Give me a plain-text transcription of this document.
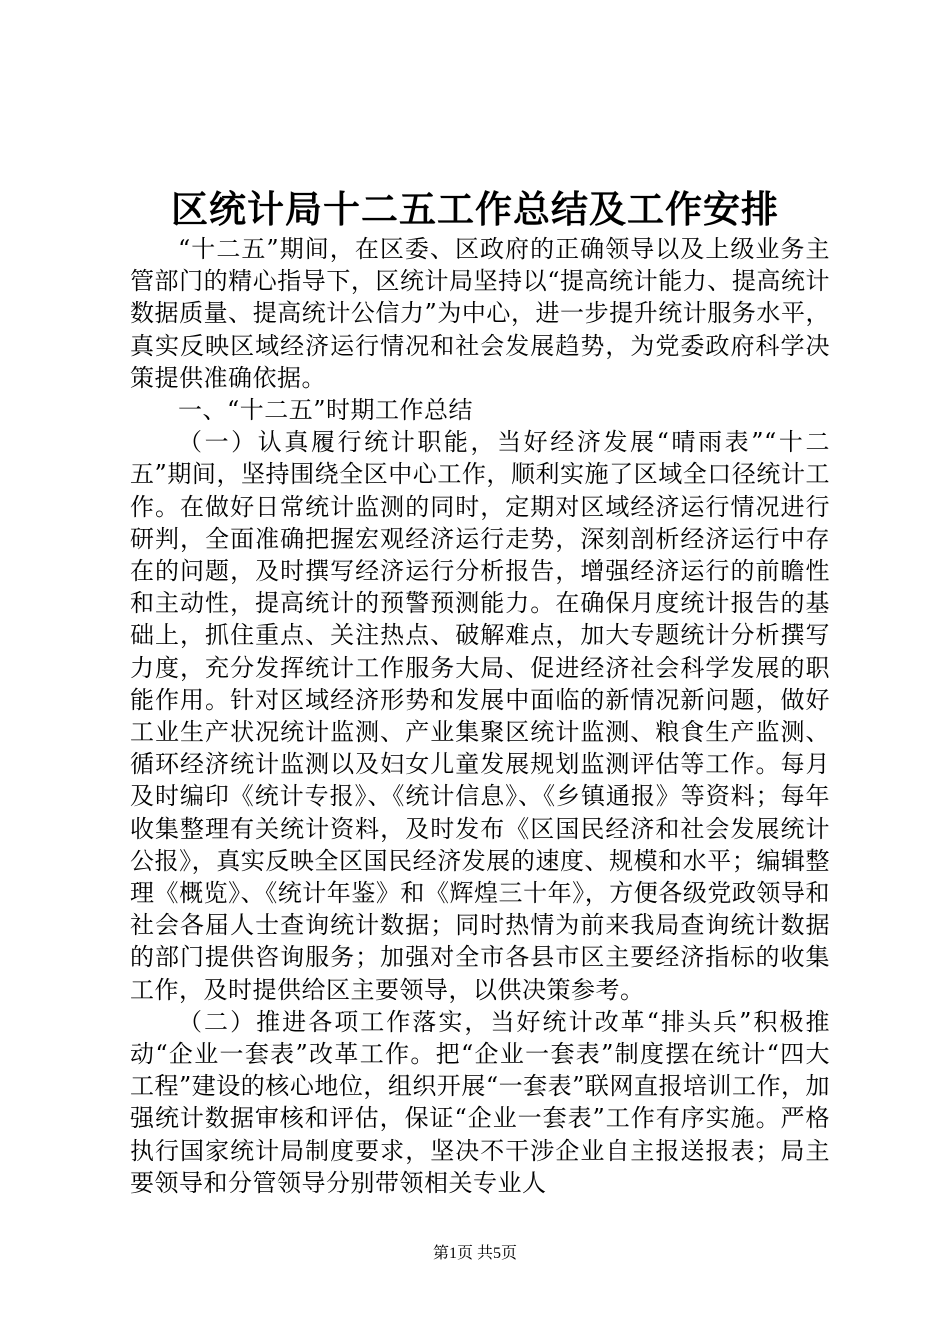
区统计局十二五工作总结及工作安排

“十二五”期间，在区委、区政府的正确领导以及上级业务主管部门的精心指导下，区统计局坚持以“提高统计能力、提高统计数据质量、提高统计公信力”为中心，进一步提升统计服务水平，真实反映区域经济运行情况和社会发展趋势，为党委政府科学决策提供准确依据。

一、“十二五”时期工作总结

（一）认真履行统计职能，当好经济发展“晴雨表”“十二五”期间，坚持围绕全区中心工作，顺利实施了区域全口径统计工作。在做好日常统计监测的同时，定期对区域经济运行情况进行研判，全面准确把握宏观经济运行走势，深刻剖析经济运行中存在的问题，及时撰写经济运行分析报告，增强经济运行的前瞻性和主动性，提高统计的预警预测能力。在确保月度统计报告的基础上，抓住重点、关注热点、破解难点，加大专题统计分析撰写力度，充分发挥统计工作服务大局、促进经济社会科学发展的职能作用。针对区域经济形势和发展中面临的新情况新问题，做好工业生产状况统计监测、产业集聚区统计监测、粮食生产监测、循环经济统计监测以及妇女儿童发展规划监测评估等工作。每月及时编印《统计专报》、《统计信息》、《乡镇通报》等资料；每年收集整理有关统计资料，及时发布《区国民经济和社会发展统计公报》，真实反映全区国民经济发展的速度、规模和水平；编辑整理《概览》、《统计年鉴》和《辉煌三十年》，方便各级党政领导和社会各届人士查询统计数据；同时热情为前来我局查询统计数据的部门提供咨询服务；加强对全市各县市区主要经济指标的收集工作，及时提供给区主要领导，以供决策参考。

（二）推进各项工作落实，当好统计改革“排头兵”积极推动“企业一套表”改革工作。把“企业一套表”制度摆在统计“四大工程”建设的核心地位，组织开展“一套表”联网直报培训工作，加强统计数据审核和评估，保证“企业一套表”工作有序实施。严格执行国家统计局制度要求，坚决不干涉企业自主报送报表；局主要领导和分管领导分别带领相关专业人

第1页 共5页
